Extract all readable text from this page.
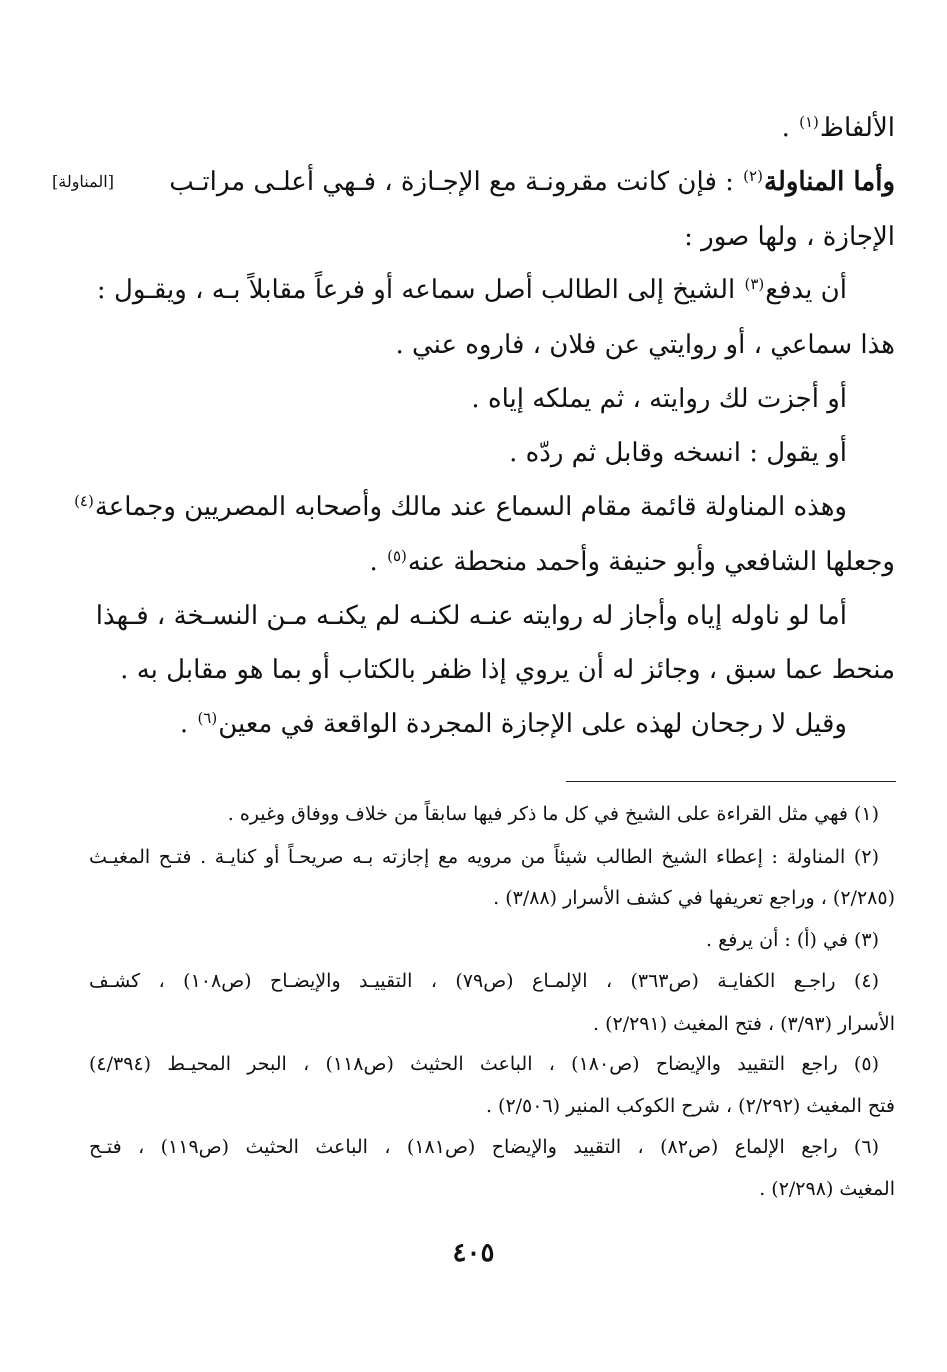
الألفاظ$^{(١)}$ .
وأما المناولة$^{(٢)}$ : فإن كانت مقرونـة مع الإجـازة ، فـهي أعلـى مراتـب
[المناولة]
الإجازة ، ولها صور :
أن يدفع$^{(٣)}$ الشيخ إلى الطالب أصل سماعه أو فرعاً مقابلاً بـه ، ويقـول :
هذا سماعي ، أو روايتي عن فلان ، فاروه عني .
أو أجزت لك روايته ، ثم يملكه إياه .
أو يقول : انسخه وقابل ثم ردّه .
وهذه المناولة قائمة مقام السماع عند مالك وأصحابه المصريين وجماعة$^{(٤)}$
وجعلها الشافعي وأبو حنيفة وأحمد منحطة عنه$^{(٥)}$ .
أما لو ناوله إياه وأجاز له روايته عنـه لكنـه لم يكنـه مـن النسـخة ، فـهذا
منحط عما سبق ، وجائز له أن يروي إذا ظفر بالكتاب أو بما هو مقابل به .
وقيل لا رجحان لهذه على الإجازة المجردة الواقعة في معين$^{(٦)}$ .
(١) فهي مثل القراءة على الشيخ في كل ما ذكر فيها سابقاً من خلاف ووفاق وغيره .
(٢) المناولة : إعطاء الشيخ الطالب شيئاً من مرويه مع إجازته بـه صريحـاً أو كنايـة . فتـح المغيـث
(٢/٢٨٥) ، وراجع تعريفها في كشف الأسرار (٣/٨٨) .
(٣) في (أ) : أن يرفع .
(٤) راجـع الكفايـة (ص٣٦٣) ، الإلمـاع (ص٧٩) ، التقييـد والإيضـاح (ص١٠٨) ، كشـف
الأسرار (٣/٩٣) ، فتح المغيث (٢/٢٩١) .
(٥) راجع التقييد والإيضاح (ص١٨٠) ، الباعث الحثيث (ص١١٨) ، البحر المحيـط (٤/٣٩٤)
فتح المغيث (٢/٢٩٢) ، شرح الكوكب المنير (٢/٥٠٦) .
(٦) راجع الإلماع (ص٨٢) ، التقييد والإيضاح (ص١٨١) ، الباعث الحثيث (ص١١٩) ، فتـح
المغيث (٢/٢٩٨) .
٤٠٥
